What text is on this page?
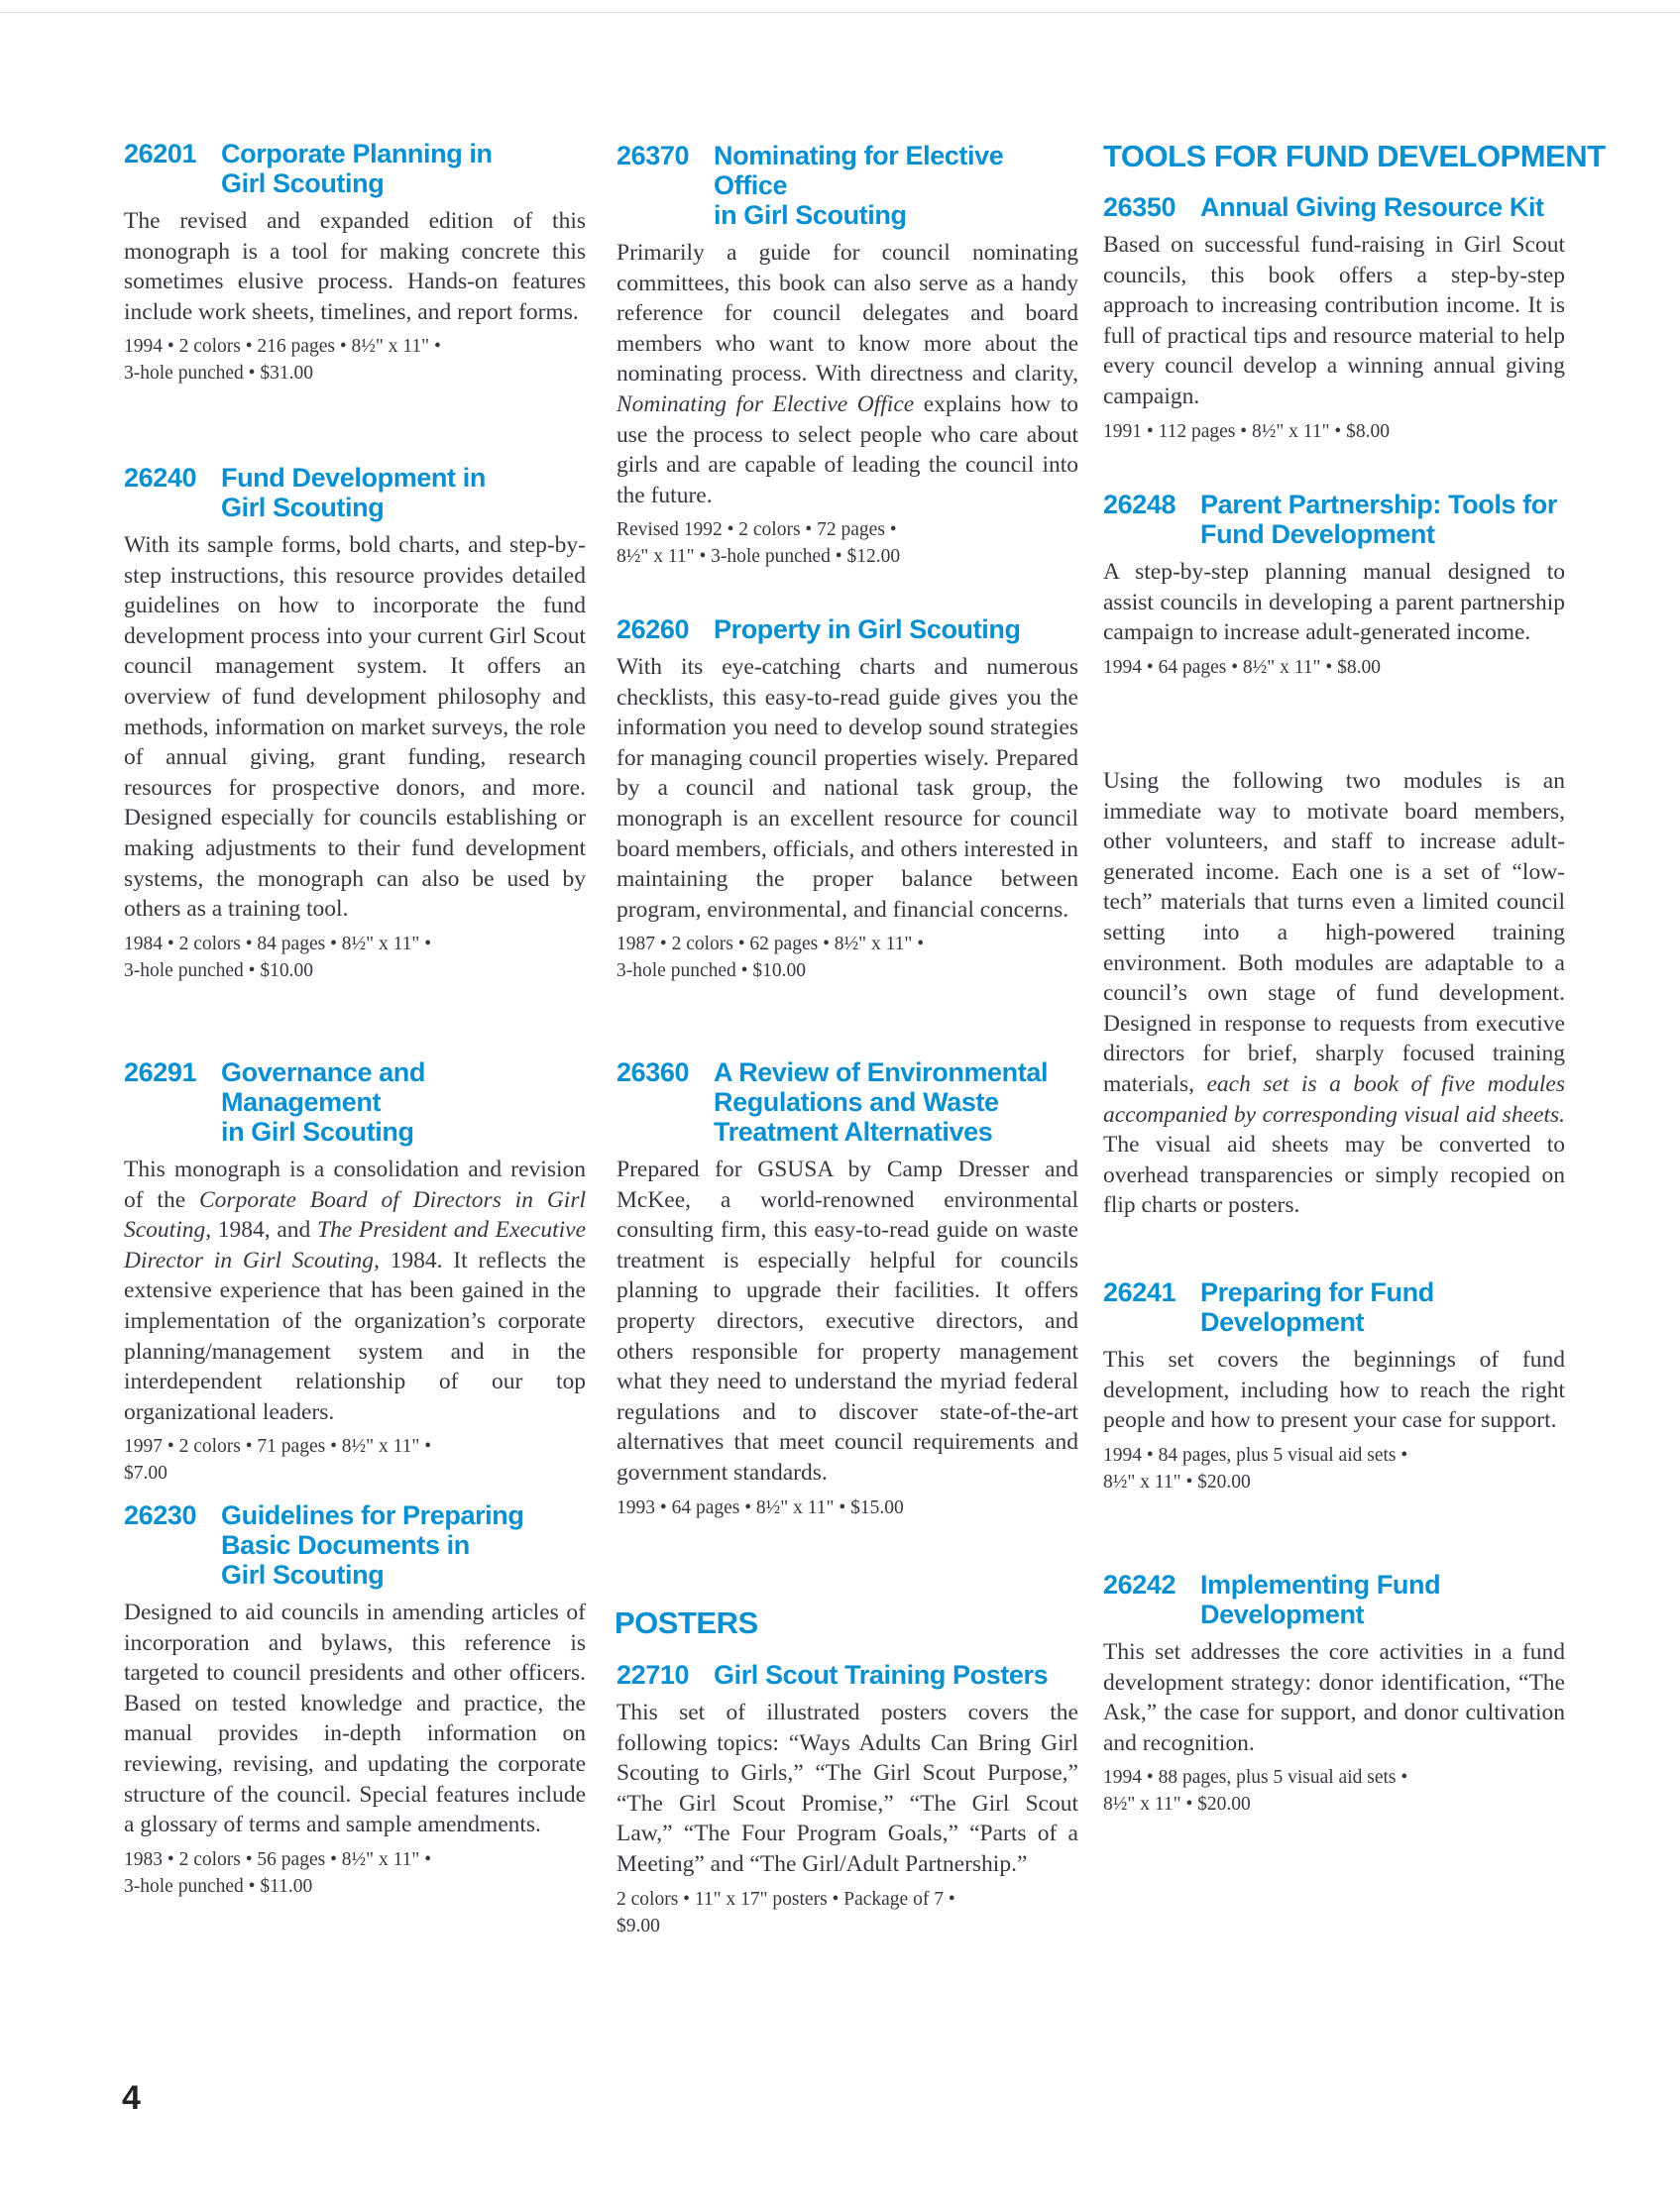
TOOLS FOR FUND DEVELOPMENT
POSTERS
26201 Corporate Planning in
Girl Scouting

The revised and expanded edition of this monograph is a tool for making concrete this sometimes elusive process. Hands-on features include work sheets, timelines, and report forms.

1994 • 2 colors • 216 pages • 8½" x 11" •
3-hole punched • $31.00
26240 Fund Development in
Girl Scouting

With its sample forms, bold charts, and step-by-step instructions, this resource provides detailed guidelines on how to incorporate the fund development process into your current Girl Scout council management system. It offers an overview of fund development philosophy and methods, information on market surveys, the role of annual giving, grant funding, research resources for prospective donors, and more. Designed especially for councils establishing or making adjustments to their fund development systems, the monograph can also be used by others as a training tool.

1984 • 2 colors • 84 pages • 8½" x 11" •
3-hole punched • $10.00
26291 Governance and Management
in Girl Scouting

This monograph is a consolidation and revision of the Corporate Board of Directors in Girl Scouting, 1984, and The President and Executive Director in Girl Scouting, 1984. It reflects the extensive experience that has been gained in the implementation of the organization’s corporate planning/management system and in the interdependent relationship of our top organizational leaders.

1997 • 2 colors • 71 pages • 8½" x 11" •
$7.00
26230 Guidelines for Preparing
Basic Documents in
Girl Scouting

Designed to aid councils in amending articles of incorporation and bylaws, this reference is targeted to council presidents and other officers. Based on tested knowledge and practice, the manual provides in-depth information on reviewing, revising, and updating the corporate structure of the council. Special features include a glossary of terms and sample amendments.

1983 • 2 colors • 56 pages • 8½" x 11" •
3-hole punched • $11.00
26370 Nominating for Elective Office
in Girl Scouting

Primarily a guide for council nominating committees, this book can also serve as a handy reference for council delegates and board members who want to know more about the nominating process. With directness and clarity, Nominating for Elective Office explains how to use the process to select people who care about girls and are capable of leading the council into the future.

Revised 1992 • 2 colors • 72 pages •
8½" x 11" • 3-hole punched • $12.00
26260 Property in Girl Scouting

With its eye-catching charts and numerous checklists, this easy-to-read guide gives you the information you need to develop sound strategies for managing council properties wisely. Prepared by a council and national task group, the monograph is an excellent resource for council board members, officials, and others interested in maintaining the proper balance between program, environmental, and financial concerns.

1987 • 2 colors • 62 pages • 8½" x 11" •
3-hole punched • $10.00
26360 A Review of Environmental
Regulations and Waste
Treatment Alternatives

Prepared for GSUSA by Camp Dresser and McKee, a world-renowned environmental consulting firm, this easy-to-read guide on waste treatment is especially helpful for councils planning to upgrade their facilities. It offers property directors, executive directors, and others responsible for property management what they need to understand the myriad federal regulations and to discover state-of-the-art alternatives that meet council requirements and government standards.

1993 • 64 pages • 8½" x 11" • $15.00
22710 Girl Scout Training Posters

This set of illustrated posters covers the following topics: “Ways Adults Can Bring Girl Scouting to Girls,” “The Girl Scout Purpose,” “The Girl Scout Promise,” “The Girl Scout Law,” “The Four Program Goals,” “Parts of a Meeting” and “The Girl/Adult Partnership.”

2 colors • 11" x 17" posters • Package of 7 •
$9.00
26350 Annual Giving Resource Kit

Based on successful fund-raising in Girl Scout councils, this book offers a step-by-step approach to increasing contribution income. It is full of practical tips and resource material to help every council develop a winning annual giving campaign.

1991 • 112 pages • 8½" x 11" • $8.00
26248 Parent Partnership: Tools for
Fund Development

A step-by-step planning manual designed to assist councils in developing a parent partnership campaign to increase adult-generated income.

1994 • 64 pages • 8½" x 11" • $8.00

Using the following two modules is an immediate way to motivate board members, other volunteers, and staff to increase adult-generated income. Each one is a set of “low-tech” materials that turns even a limited council setting into a high-powered training environment. Both modules are adaptable to a council’s own stage of fund development. Designed in response to requests from executive directors for brief, sharply focused training materials, each set is a book of five modules accompanied by corresponding visual aid sheets. The visual aid sheets may be converted to overhead transparencies or simply recopied on flip charts or posters.

26241 Preparing for Fund
Development

This set covers the beginnings of fund development, including how to reach the right people and how to present your case for support.

1994 • 84 pages, plus 5 visual aid sets •
8½" x 11" • $20.00
26242 Implementing Fund
Development

This set addresses the core activities in a fund development strategy: donor identification, “The Ask,” the case for support, and donor cultivation and recognition.

1994 • 88 pages, plus 5 visual aid sets •
8½" x 11" • $20.00
4
